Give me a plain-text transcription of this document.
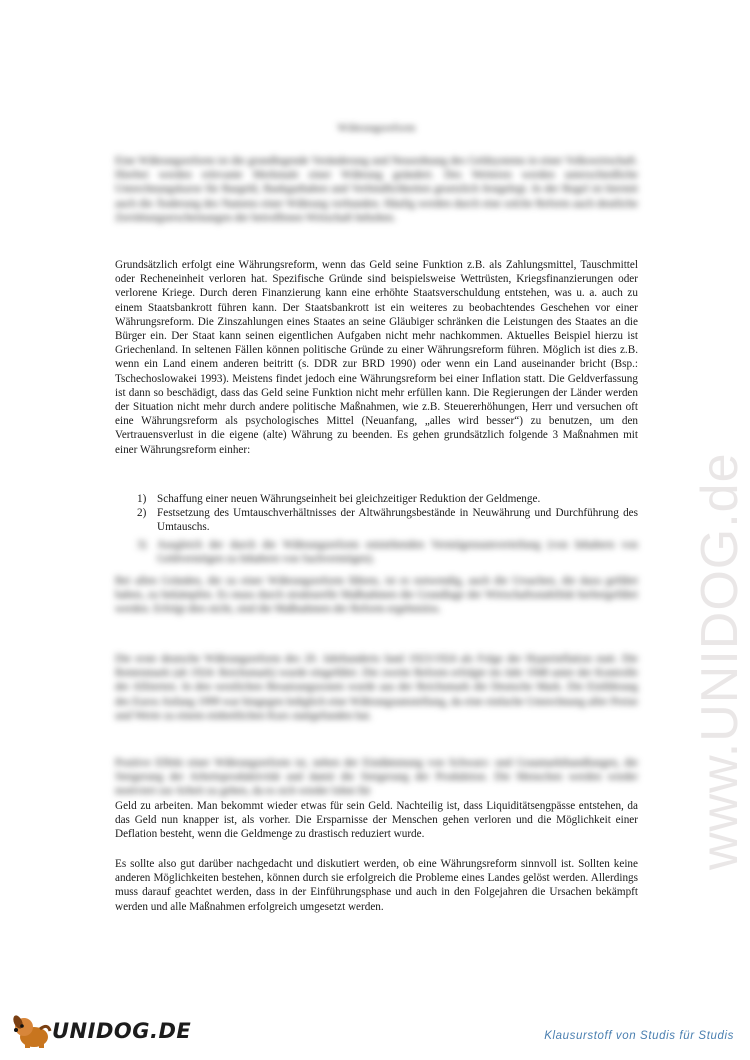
www.UNIDOG.de
Währungsreform

Eine Währungsreform ist die grundlegende Veränderung und Neuordnung des Geldsystems in einer Volkswirtschaft. Hierbei werden relevante Merkmale einer Währung geändert. Des Weiteren werden unterschiedliche Umrechnungskurse für Bargeld, Bankguthaben und Verbindlichkeiten gesetzlich festgelegt. In der Regel ist hiermit auch die Änderung des Namens einer Währung verbunden. Häufig werden durch eine solche Reform auch deutliche Zerrüttungserscheinungen der betroffenen Wirtschaft behoben.

Grundsätzlich erfolgt eine Währungsreform, wenn das Geld seine Funktion z.B. als Zahlungsmittel, Tauschmittel oder Recheneinheit verloren hat. Spezifische Gründe sind beispielsweise Wettrüsten, Kriegsfinanzierungen oder verlorene Kriege. Durch deren Finanzierung kann eine erhöhte Staatsverschuldung entstehen, was u. a. auch zu einem Staatsbankrott führen kann. Der Staatsbankrott ist ein weiteres zu beobachtendes Geschehen vor einer Währungsreform. Die Zinszahlungen eines Staates an seine Gläubiger schränken die Leistungen des Staates an die Bürger ein. Der Staat kann seinen eigentlichen Aufgaben nicht mehr nachkommen. Aktuelles Beispiel hierzu ist Griechenland. In seltenen Fällen können politische Gründe zu einer Währungsreform führen. Möglich ist dies z.B. wenn ein Land einem anderen beitritt (s. DDR zur BRD 1990) oder wenn ein Land auseinander bricht (Bsp.: Tschechoslowakei 1993). Meistens findet jedoch eine Währungsreform bei einer Inflation statt. Die Geldverfassung ist dann so beschädigt, dass das Geld seine Funktion nicht mehr erfüllen kann. Die Regierungen der Länder werden der Situation nicht mehr durch andere politische Maßnahmen, wie z.B. Steuererhöhungen, Herr und versuchen oft eine Währungsreform als psychologisches Mittel (Neuanfang, „alles wird besser“) zu benutzen, um den Vertrauensverlust in die eigene (alte) Währung zu beenden. Es gehen grundsätzlich folgende 3 Maßnahmen mit einer Währungsreform einher:

1) Schaffung einer neuen Währungseinheit bei gleichzeitiger Reduktion der Geldmenge.
2) Festsetzung des Umtauschverhältnisses der Altwährungsbestände in Neuwährung und Durchführung des Umtauschs.
3) Ausgleich der durch die Währungsreform entstehenden Vermögensumverteilung (von Inhabern von Geldvermögen zu Inhabern von Sachvermögen).

Bei allen Gründen, die zu einer Währungsreform führen, ist es notwendig, auch die Ursachen, die dazu geführt haben, zu bekämpfen. Es muss durch strukturelle Maßnahmen die Grundlage der Wirtschaftsstabilität herbeigeführt werden. Erfolgt dies nicht, sind die Maßnahmen der Reform ergebnislos.

Die erste deutsche Währungsreform des 20. Jahrhunderts fand 1923/1924 als Folge der Hyperinflation statt. Die Rentenmark (ab 1924: Reichsmark) wurde eingeführt. Die zweite Reform erfolgte im Jahr 1948 unter der Kontrolle der Alliierten. In den westlichen Besatzungszonen wurde aus der Reichsmark die Deutsche Mark. Die Einführung des Euros Anfang 1999 war hingegen lediglich eine Währungsumstellung, da eine einfache Umrechnung aller Preise und Werte zu einem einheitlichen Kurs stattgefunden hat.

Positive Effekt einer Währungsreform ist, neben der Eindämmung von Schwarz- und Graumarkthandlungen, die Steigerung der Arbeitsproduktivität und damit die Steigerung der Produktion. Die Menschen werden wieder motiviert zur Arbeit zu gehen, da es sich wieder lohnt für

Geld zu arbeiten. Man bekommt wieder etwas für sein Geld. Nachteilig ist, dass Liquiditätsengpässe entstehen, da das Geld nun knapper ist, als vorher. Die Ersparnisse der Menschen gehen verloren und die Möglichkeit einer Deflation besteht, wenn die Geldmenge zu drastisch reduziert wurde.

Es sollte also gut darüber nachgedacht und diskutiert werden, ob eine Währungsreform sinnvoll ist. Sollten keine anderen Möglichkeiten bestehen, können durch sie erfolgreich die Probleme eines Landes gelöst werden. Allerdings muss darauf geachtet werden, dass in der Einführungsphase und auch in den Folgejahren die Ursachen bekämpft werden und alle Maßnahmen erfolgreich umgesetzt werden.

UNIDOG.DE	Klausurstoff von Studis für Studis
